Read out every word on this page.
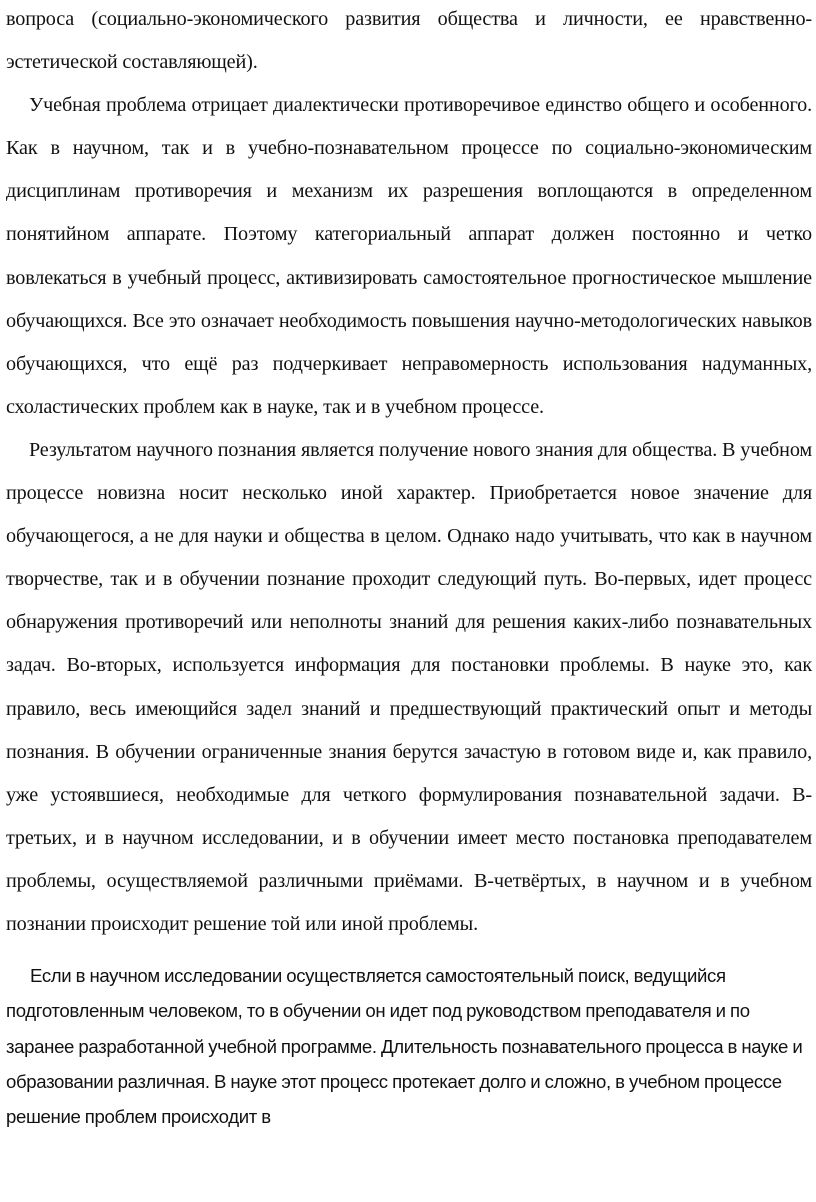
вопроса (социально-экономического развития общества и личности, ее нравственно-эстетической составляющей).

Учебная проблема отрицает диалектически противоречивое единство общего и особенного. Как в научном, так и в учебно-познавательном процессе по социально-экономическим дисциплинам противоречия и механизм их разрешения воплощаются в определенном понятийном аппарате. Поэтому категориальный аппарат должен постоянно и четко вовлекаться в учебный процесс, активизировать самостоятельное прогностическое мышление обучающихся. Все это означает необходимость повышения научно-методологических навыков обучающихся, что ещё раз подчеркивает неправомерность использования надуманных, схоластических проблем как в науке, так и в учебном процессе.

Результатом научного познания является получение нового знания для общества. В учебном процессе новизна носит несколько иной характер. Приобретается новое значение для обучающегося, а не для науки и общества в целом. Однако надо учитывать, что как в научном творчестве, так и в обучении познание проходит следующий путь. Во-первых, идет процесс обнаружения противоречий или неполноты знаний для решения каких-либо познавательных задач. Во-вторых, используется информация для постановки проблемы. В науке это, как правило, весь имеющийся задел знаний и предшествующий практический опыт и методы познания. В обучении ограниченные знания берутся зачастую в готовом виде и, как правило, уже устоявшиеся, необходимые для четкого формулирования познавательной задачи. В-третьих, и в научном исследовании, и в обучении имеет место постановка преподавателем проблемы, осуществляемой различными приёмами. В-четвёртых, в научном и в учебном познании происходит решение той или иной проблемы.

Если в научном исследовании осуществляется самостоятельный поиск, ведущийся подготовленным человеком, то в обучении он идет под руководством преподавателя и по заранее разработанной учебной программе. Длительность познавательного процесса в науке и образовании различная. В науке этот процесс протекает долго и сложно, в учебном процессе решение проблем происходит в
